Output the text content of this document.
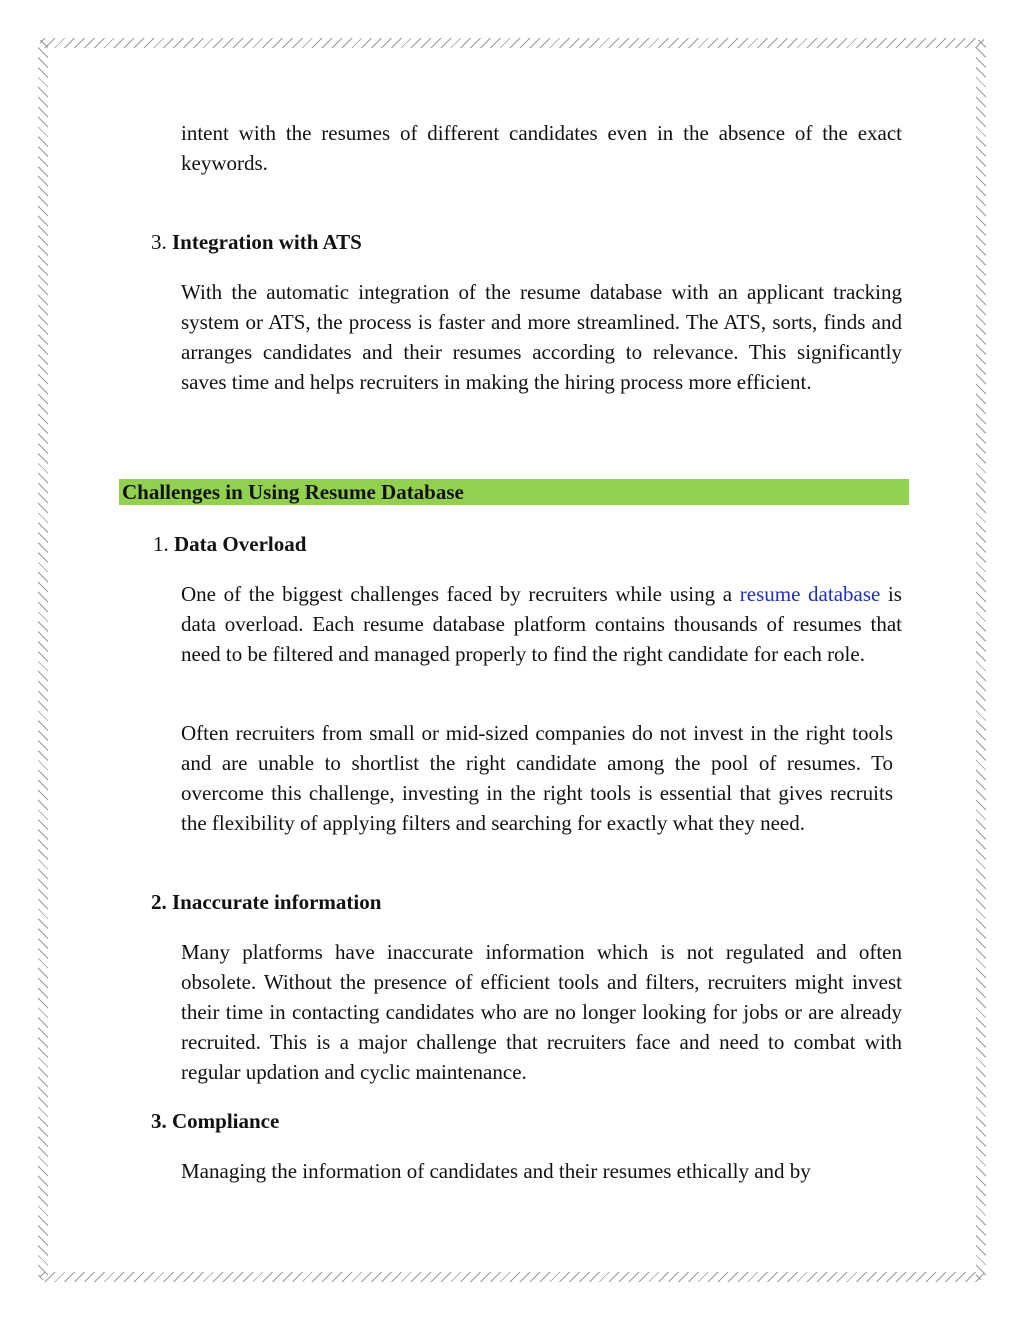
intent with the resumes of different candidates even in the absence of the exact keywords.

3. Integration with ATS

With the automatic integration of the resume database with an applicant tracking system or ATS, the process is faster and more streamlined. The ATS, sorts, finds and arranges candidates and their resumes according to relevance. This significantly saves time and helps recruiters in making the hiring process more efficient.

Challenges in Using Resume Database

1. Data Overload

One of the biggest challenges faced by recruiters while using a resume database is data overload. Each resume database platform contains thousands of resumes that need to be filtered and managed properly to find the right candidate for each role.

Often recruiters from small or mid-sized companies do not invest in the right tools and are unable to shortlist the right candidate among the pool of resumes. To overcome this challenge, investing in the right tools is essential that gives recruits the flexibility of applying filters and searching for exactly what they need.

2. Inaccurate information

Many platforms have inaccurate information which is not regulated and often obsolete. Without the presence of efficient tools and filters, recruiters might invest their time in contacting candidates who are no longer looking for jobs or are already recruited. This is a major challenge that recruiters face and need to combat with regular updation and cyclic maintenance.

3. Compliance

Managing the information of candidates and their resumes ethically and by
